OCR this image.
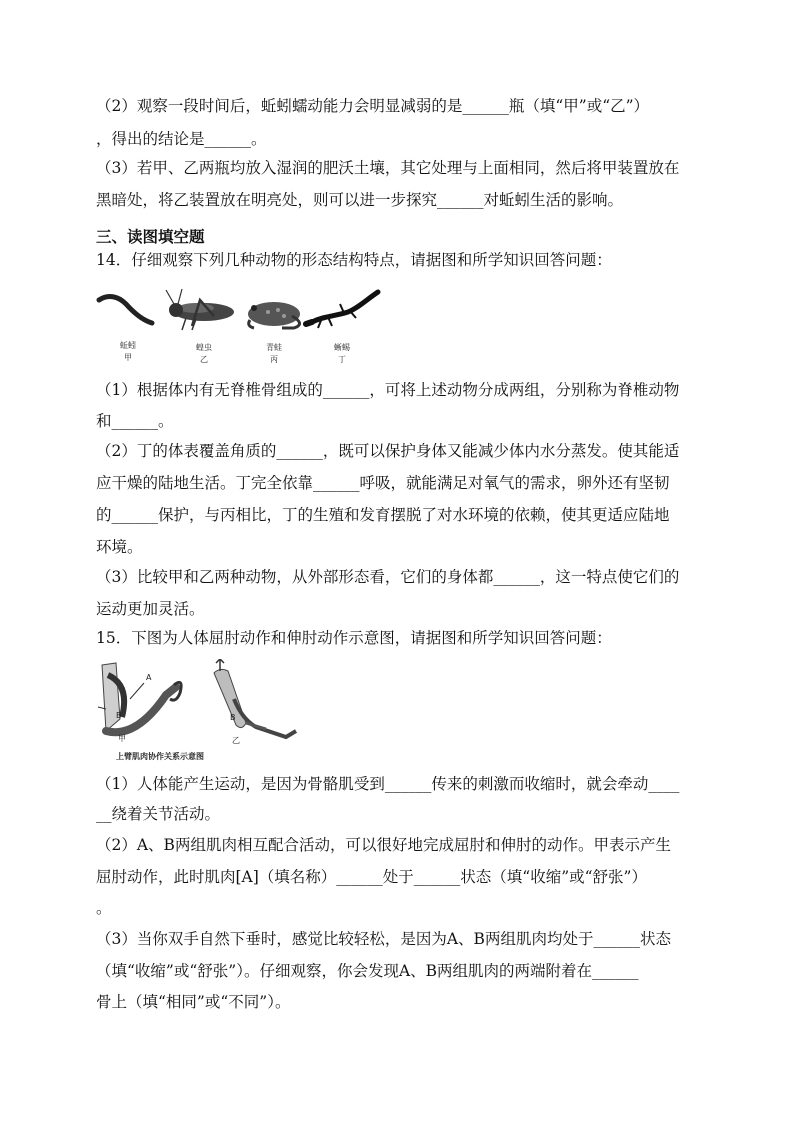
（2）观察一段时间后，蚯蚓蠕动能力会明显减弱的是______瓶（填“甲”或“乙”）
，得出的结论是______。
（3）若甲、乙两瓶均放入湿润的肥沃土壤，其它处理与上面相同，然后将甲装置放在
黑暗处，将乙装置放在明亮处，则可以进一步探究______对蚯蚓生活的影响。
三、读图填空题
14．仔细观察下列几种动物的形态结构特点，请据图和所学知识回答问题：
蚯蚓
甲
蝗虫
乙
青蛙
丙
蜥蜴
丁
（1）根据体内有无脊椎骨组成的______，可将上述动物分成两组，分别称为脊椎动物
和______。
（2）丁的体表覆盖角质的______，既可以保护身体又能减少体内水分蒸发。使其能适
应干燥的陆地生活。丁完全依靠______呼吸，就能满足对氧气的需求，卵外还有坚韧
的______保护，与丙相比，丁的生殖和发育摆脱了对水环境的依赖，使其更适应陆地
环境。
（3）比较甲和乙两种动物，从外部形态看，它们的身体都______，这一特点使它们的
运动更加灵活。
15．下图为人体屈肘动作和伸肘动作示意图，请据图和所学知识回答问题：
A
B	B
甲	乙
上臂肌肉协作关系示意图
（1）人体能产生运动，是因为骨骼肌受到______传来的刺激而收缩时，就会牵动____
__绕着关节活动。
（2）A、B两组肌肉相互配合活动，可以很好地完成屈肘和伸肘的动作。甲表示产生
屈肘动作，此时肌肉[A]（填名称）______处于______状态（填“收缩”或“舒张”）
。
（3）当你双手自然下垂时，感觉比较轻松，是因为A、B两组肌肉均处于______状态
（填“收缩”或“舒张”）。仔细观察，你会发现A、B两组肌肉的两端附着在______
骨上（填“相同”或“不同”）。
